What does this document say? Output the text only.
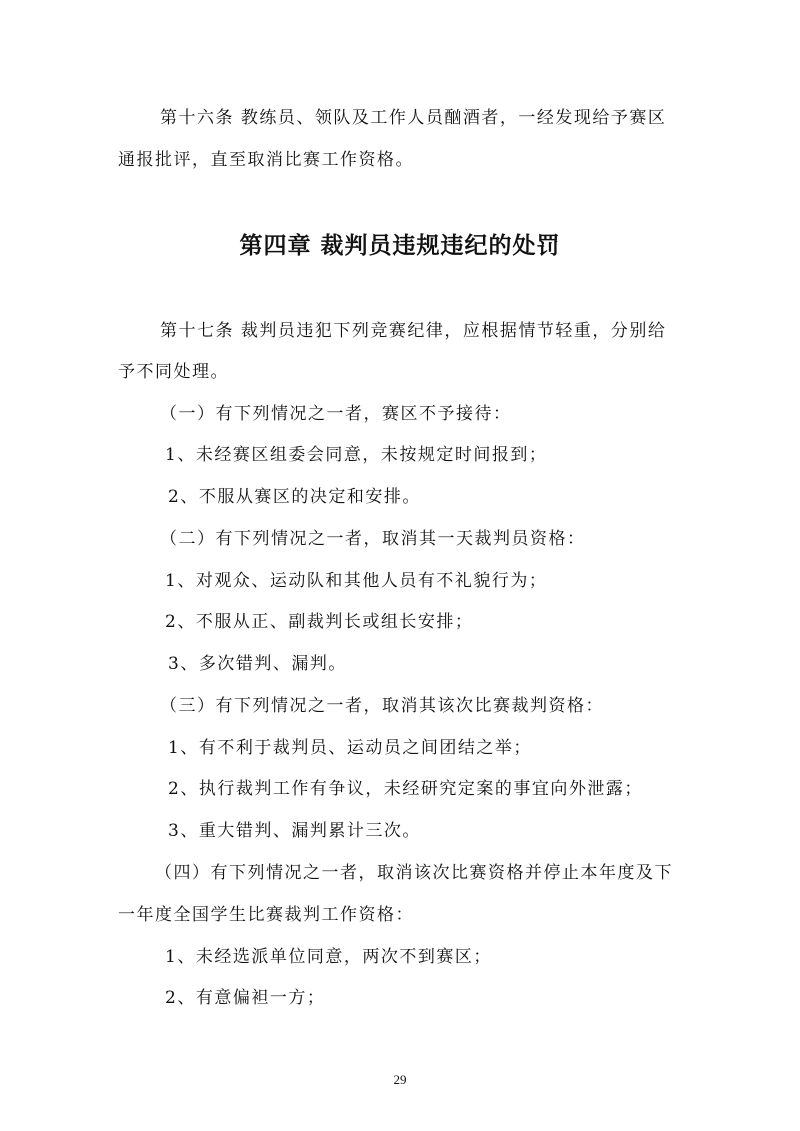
第十六条 教练员、领队及工作人员酗酒者，一经发现给予赛区
通报批评，直至取消比赛工作资格。
第四章 裁判员违规违纪的处罚
第十七条 裁判员违犯下列竞赛纪律，应根据情节轻重，分别给
予不同处理。
（一）有下列情况之一者，赛区不予接待：
1、未经赛区组委会同意，未按规定时间报到；
2、不服从赛区的决定和安排。
（二）有下列情况之一者，取消其一天裁判员资格：
1、对观众、运动队和其他人员有不礼貌行为；
2、不服从正、副裁判长或组长安排；
3、多次错判、漏判。
（三）有下列情况之一者，取消其该次比赛裁判资格：
1、有不利于裁判员、运动员之间团结之举；
2、执行裁判工作有争议，未经研究定案的事宜向外泄露；
3、重大错判、漏判累计三次。
（四）有下列情况之一者，取消该次比赛资格并停止本年度及下
一年度全国学生比赛裁判工作资格：
1、未经选派单位同意，两次不到赛区；
2、有意偏袒一方；
29
